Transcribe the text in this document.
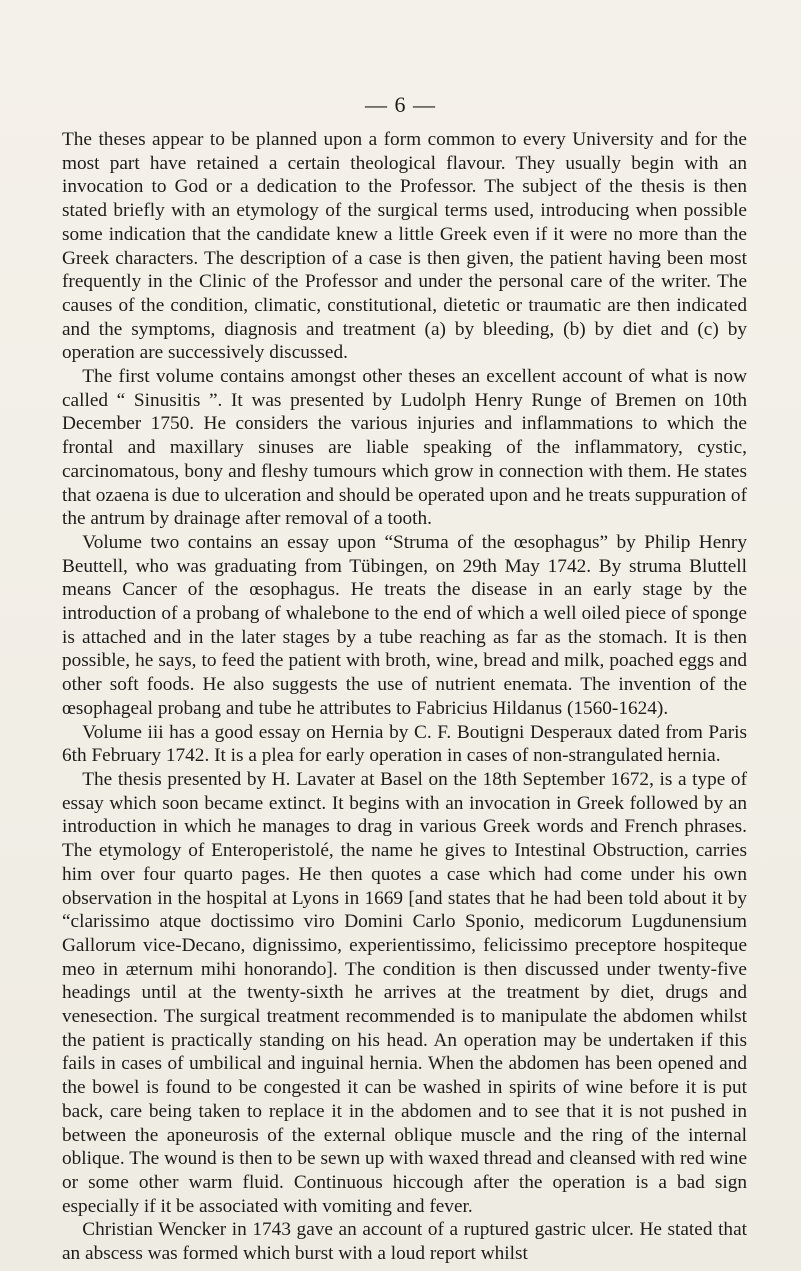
— 6 —

The theses appear to be planned upon a form common to every University and for the most part have retained a certain theological flavour. They usually begin with an invocation to God or a dedication to the Professor. The subject of the thesis is then stated briefly with an etymology of the surgical terms used, introducing when possible some indication that the candidate knew a little Greek even if it were no more than the Greek characters. The description of a case is then given, the patient having been most frequently in the Clinic of the Professor and under the personal care of the writer. The causes of the condition, climatic, constitutional, dietetic or traumatic are then indicated and the symptoms, diagnosis and treatment (a) by bleeding, (b) by diet and (c) by operation are successively discussed.

The first volume contains amongst other theses an excellent account of what is now called “ Sinusitis ”. It was presented by Ludolph Henry Runge of Bremen on 10th December 1750. He considers the various injuries and inflammations to which the frontal and maxillary sinuses are liable speaking of the inflammatory, cystic, carcinomatous, bony and fleshy tumours which grow in connection with them. He states that ozaena is due to ulceration and should be operated upon and he treats suppuration of the antrum by drainage after removal of a tooth.

Volume two contains an essay upon “Struma of the œsophagus” by Philip Henry Beuttell, who was graduating from Tübingen, on 29th May 1742. By struma Bluttell means Cancer of the œsophagus. He treats the disease in an early stage by the introduction of a probang of whalebone to the end of which a well oiled piece of sponge is attached and in the later stages by a tube reaching as far as the stomach. It is then possible, he says, to feed the patient with broth, wine, bread and milk, poached eggs and other soft foods. He also suggests the use of nutrient enemata. The invention of the œsophageal probang and tube he attributes to Fabricius Hildanus (1560-1624).

Volume iii has a good essay on Hernia by C. F. Boutigni Desperaux dated from Paris 6th February 1742. It is a plea for early operation in cases of non-strangulated hernia.

The thesis presented by H. Lavater at Basel on the 18th September 1672, is a type of essay which soon became extinct. It begins with an invocation in Greek followed by an introduction in which he manages to drag in various Greek words and French phrases. The etymology of Enteroperistolé, the name he gives to Intestinal Obstruction, carries him over four quarto pages. He then quotes a case which had come under his own observation in the hospital at Lyons in 1669 [and states that he had been told about it by “clarissimo atque doctissimo viro Domini Carlo Sponio, medicorum Lugdunensium Gallorum vice-Decano, dignissimo, experientissimo, felicissimo preceptore hospiteque meo in æternum mihi honorando]. The condition is then discussed under twenty-five headings until at the twenty-sixth he arrives at the treatment by diet, drugs and venesection. The surgical treatment recommended is to manipulate the abdomen whilst the patient is practically standing on his head. An operation may be undertaken if this fails in cases of umbilical and inguinal hernia. When the abdomen has been opened and the bowel is found to be congested it can be washed in spirits of wine before it is put back, care being taken to replace it in the abdomen and to see that it is not pushed in between the aponeurosis of the external oblique muscle and the ring of the internal oblique. The wound is then to be sewn up with waxed thread and cleansed with red wine or some other warm fluid. Continuous hiccough after the operation is a bad sign especially if it be associated with vomiting and fever.

Christian Wencker in 1743 gave an account of a ruptured gastric ulcer. He stated that an abscess was formed which burst with a loud report whilst
